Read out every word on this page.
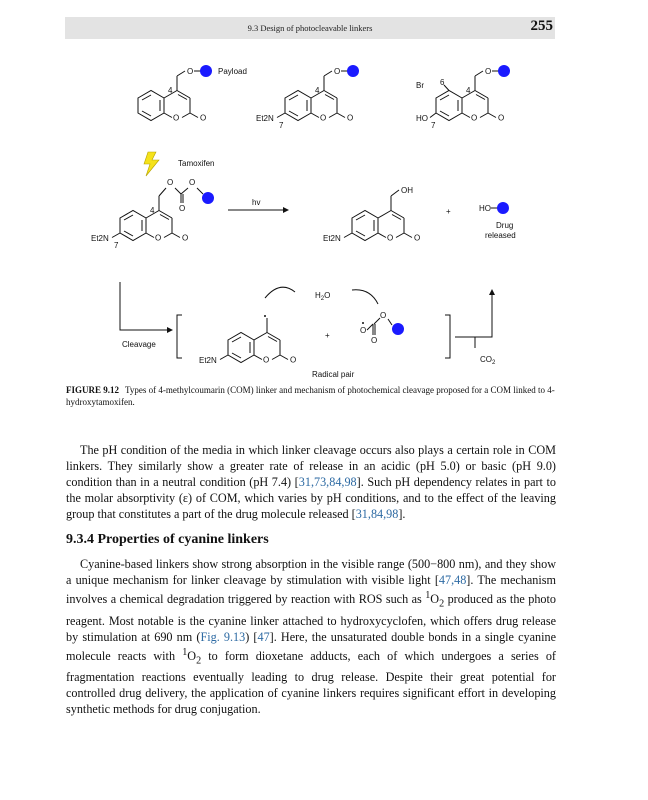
9.3 Design of photocleavable linkers	255
O	O
4
O	Payload
4
Et2N
7
O
4
Br 6
HO
7
O
Tamoxifen
4
Et2N
7
O
O
O
hv
Et2N
OH
+	HO
Drug
released
Cleavage
Et2N
$H_2O$
+
O
O
O
Radical pair
$CO_2$
FIGURE 9.12 Types of 4-methylcoumarin (COM) linker and mechanism of photochemical cleavage proposed for a COM linked to 4-hydroxytamoxifen.

The pH condition of the media in which linker cleavage occurs also plays a certain role in COM linkers. They similarly show a greater rate of release in an acidic (pH 5.0) or basic (pH 9.0) condition than in a neutral condition (pH 7.4) [31,73,84,98]. Such pH dependency relates in part to the molar absorptivity (ε) of COM, which varies by pH conditions, and to the effect of the leaving group that constitutes a part of the drug molecule released [31,84,98].

9.3.4 Properties of cyanine linkers

Cyanine-based linkers show strong absorption in the visible range (500−800 nm), and they show a unique mechanism for linker cleavage by stimulation with visible light [47,48]. The mechanism involves a chemical degradation triggered by reaction with ROS such as $^1O_2$ produced as the photo reagent. Most notable is the cyanine linker attached to hydroxycyclofen, which offers drug release by stimulation at 690 nm (Fig. 9.13) [47]. Here, the unsaturated double bonds in a single cyanine molecule reacts with $^1O_2$ to form dioxetane adducts, each of which undergoes a series of fragmentation reactions eventually leading to drug release. Despite their great potential for controlled drug delivery, the application of cyanine linkers requires significant effort in developing synthetic methods for drug conjugation.
